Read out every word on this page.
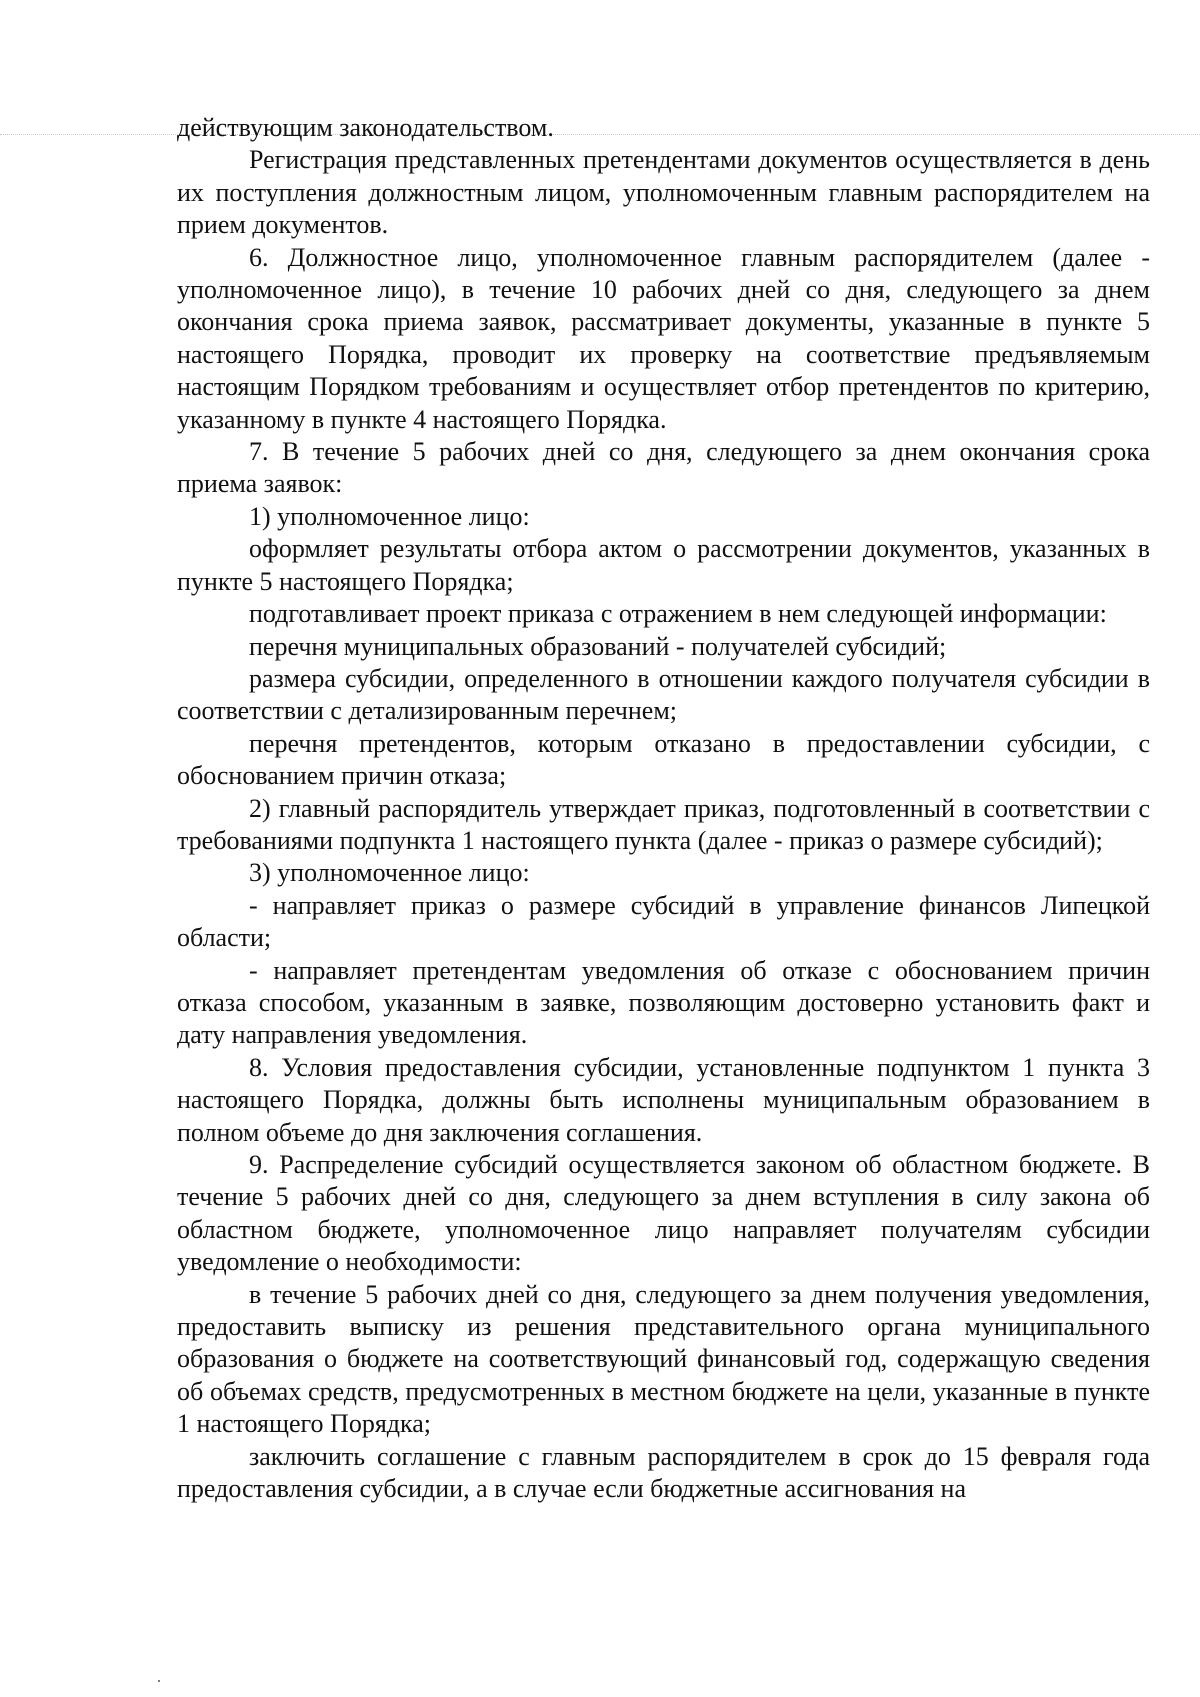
действующим законодательством.

Регистрация представленных претендентами документов осуществляется в день их поступления должностным лицом, уполномоченным главным распорядителем на прием документов.

6. Должностное лицо, уполномоченное главным распорядителем (далее - уполномоченное лицо), в течение 10 рабочих дней со дня, следующего за днем окончания срока приема заявок, рассматривает документы, указанные в пункте 5 настоящего Порядка, проводит их проверку на соответствие предъявляемым настоящим Порядком требованиям и осуществляет отбор претендентов по критерию, указанному в пункте 4 настоящего Порядка.

7. В течение 5 рабочих дней со дня, следующего за днем окончания срока приема заявок:

1) уполномоченное лицо:

оформляет результаты отбора актом о рассмотрении документов, указанных в пункте 5 настоящего Порядка;

подготавливает проект приказа с отражением в нем следующей информации:

перечня муниципальных образований - получателей субсидий;

размера субсидии, определенного в отношении каждого получателя субсидии в соответствии с детализированным перечнем;

перечня претендентов, которым отказано в предоставлении субсидии, с обоснованием причин отказа;

2) главный распорядитель утверждает приказ, подготовленный в соответствии с требованиями подпункта 1 настоящего пункта (далее - приказ о размере субсидий);

3) уполномоченное лицо:

- направляет приказ о размере субсидий в управление финансов Липецкой области;

- направляет претендентам уведомления об отказе с обоснованием причин отказа способом, указанным в заявке, позволяющим достоверно установить факт и дату направления уведомления.

8. Условия предоставления субсидии, установленные подпунктом 1 пункта 3 настоящего Порядка, должны быть исполнены муниципальным образованием в полном объеме до дня заключения соглашения.

9. Распределение субсидий осуществляется законом об областном бюджете. В течение 5 рабочих дней со дня, следующего за днем вступления в силу закона об областном бюджете, уполномоченное лицо направляет получателям субсидии уведомление о необходимости:

в течение 5 рабочих дней со дня, следующего за днем получения уведомления, предоставить выписку из решения представительного органа муниципального образования о бюджете на соответствующий финансовый год, содержащую сведения об объемах средств, предусмотренных в местном бюджете на цели, указанные в пункте 1 настоящего Порядка;

заключить соглашение с главным распорядителем в срок до 15 февраля года предоставления субсидии, а в случае если бюджетные ассигнования на
